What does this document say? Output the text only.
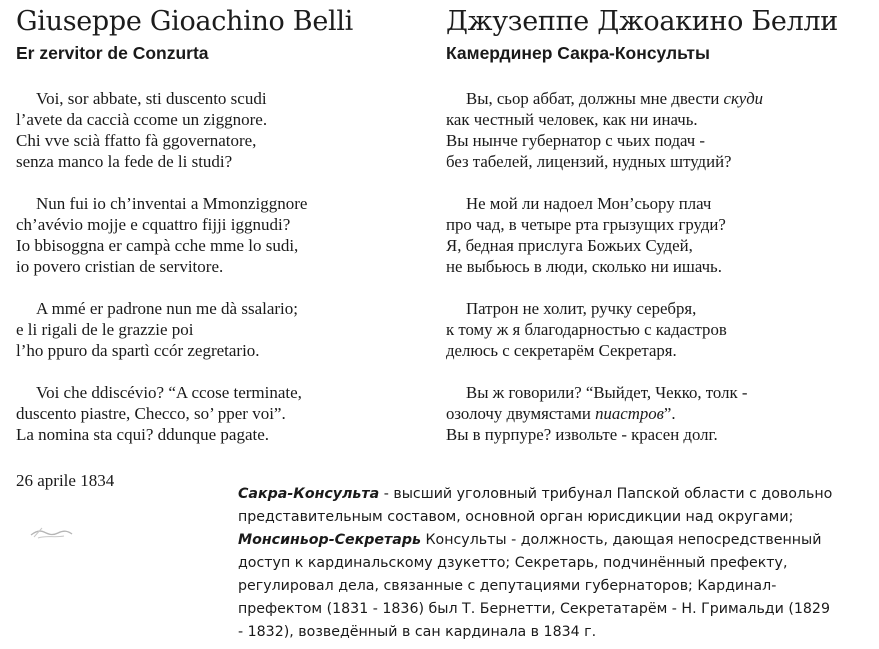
Giuseppe Gioachino Belli
Er zervitor de Conzurta
Voi, sor abbate, sti duscento scudi
l’avete da caccià ccome un ziggnore.
Chi vve scià ffatto fà ggovernatore,
senza manco la fede de li studi?
Nun fui io ch’inventai a Mmonziggnore
ch’avévio mojje e cquattro fijji iggnudi?
Io bbisoggna er campà cche mme lo sudi,
io povero cristian de servitore.
A mmé er padrone nun me dà ssalario;
e li rigali de le grazzie poi
l’ho ppuro da spartì ccór zegretario.
Voi che ddiscévio? “A ccose terminate,
duscento piastre, Checco, so’ pper voi”.
La nomina sta cqui? ddunque pagate.
26 aprile 1834
Джузеппе Джоакино Белли
Камердинер Сакра-Консульты
Вы, сьор аббат, должны мне двести скуди
как честный человек, как ни иначь.
Вы нынче губернатор с чьих подач -
без табелей, лицензий, нудных штудий?
Не мой ли надоел Мон’сьору плач
про чад, в четыре рта грызущих груди?
Я, бедная прислуга Божьих Судей,
не выбьюсь в люди, сколько ни ишачь.
Патрон не холит, ручку серебря,
к тому ж я благодарностью с кадастров
делюсь с секретарём Секретаря.
Вы ж говорили? “Выйдет, Чекко, толк -
озолочу двумястами пиастров”.
Вы в пурпуре? извольте - красен долг.
Сакра-Консульта - высший уголовный трибунал Папской области с довольно
представительным составом, основной орган юрисдикции над округами;
Монсиньор-Секретарь Консульты - должность, дающая непосредственный
доступ к кардинальскому дзукетто; Секретарь, подчинённый префекту,
регулировал дела, связанные с депутациями губернаторов; Кардинал-
префектом (1831 - 1836) был Т. Бернетти, Секретатарём - Н. Гримальди (1829
- 1832), возведённый в сан кардинала в 1834 г.
